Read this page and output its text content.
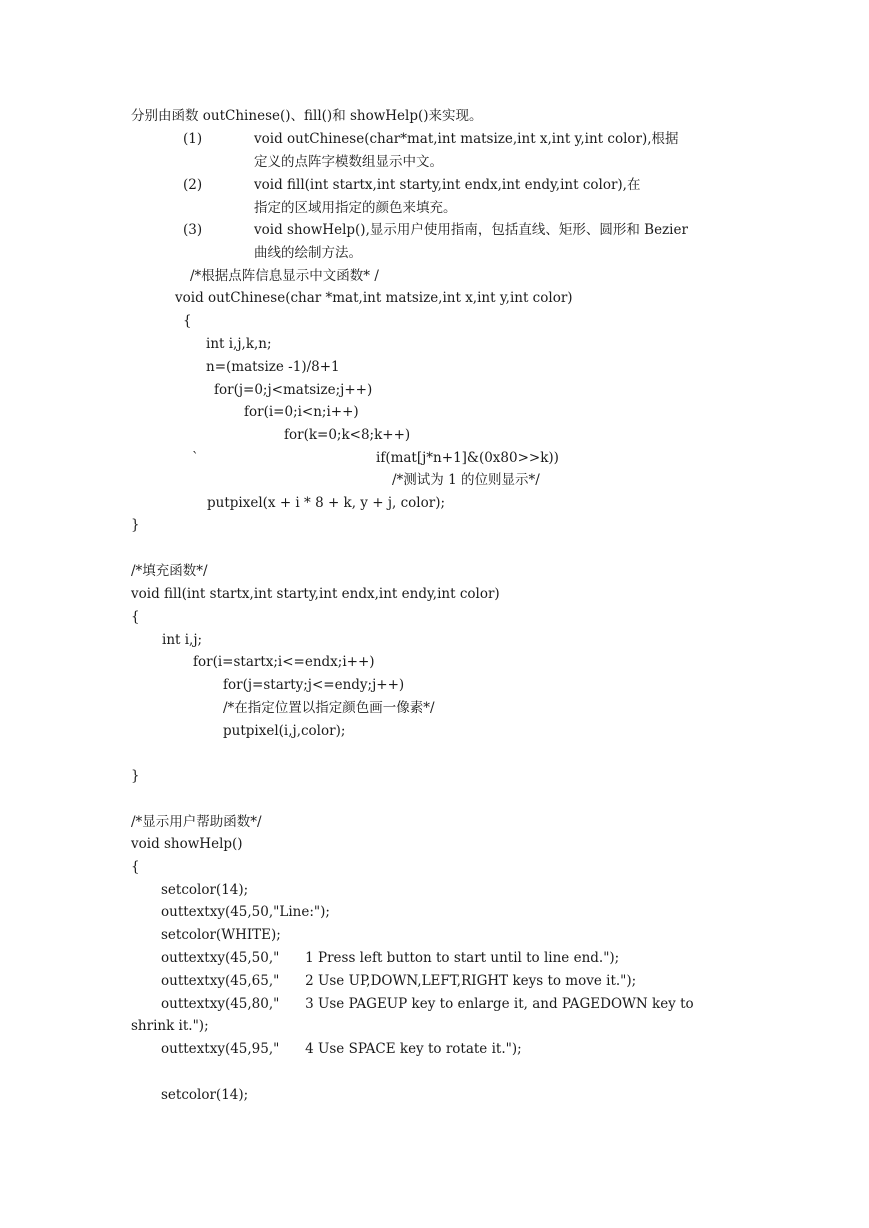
分别由函数 outChinese()、fill()和 showHelp()来实现。
(1)	void outChinese(char*mat,int matsize,int x,int y,int color),根据
定义的点阵字模数组显示中文。
(2)	void fill(int startx,int starty,int endx,int endy,int color),在
指定的区域用指定的颜色来填充。
(3)	void showHelp(),显示用户使用指南，包括直线、矩形、圆形和 Bezier
曲线的绘制方法。
/*根据点阵信息显示中文函数* /
void outChinese(char *mat,int matsize,int x,int y,int color)
{
int i,j,k,n;
n=(matsize -1)/8+1
for(j=0;j<matsize;j++)
for(i=0;i<n;i++)
for(k=0;k<8;k++)
`	if(mat[j*n+1]&(0x80>>k))
/*测试为 1 的位则显示*/
putpixel(x + i * 8 + k, y + j, color);
}
/*填充函数*/
void fill(int startx,int starty,int endx,int endy,int color)
{
int i,j;
for(i=startx;i<=endx;i++)
for(j=starty;j<=endy;j++)
/*在指定位置以指定颜色画一像素*/
putpixel(i,j,color);
}
/*显示用户帮助函数*/
void showHelp()
{
setcolor(14);
outtextxy(45,50,"Line:");
setcolor(WHITE);
outtextxy(45,50,"      1 Press left button to start until to line end.");
outtextxy(45,65,"      2 Use UP,DOWN,LEFT,RIGHT keys to move it.");
outtextxy(45,80,"      3 Use PAGEUP key to enlarge it, and PAGEDOWN key to
shrink it.");
outtextxy(45,95,"      4 Use SPACE key to rotate it.");
setcolor(14);
